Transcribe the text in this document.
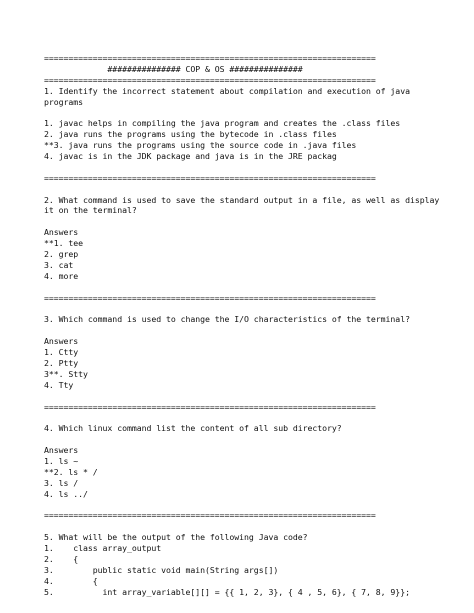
====================================================================
############### COP & OS ###############
====================================================================
1. Identify the incorrect statement about compilation and execution of java
programs

1. javac helps in compiling the java program and creates the .class files
2. java runs the programs using the bytecode in .class files
**3. java runs the programs using the source code in .java files
4. javac is in the JDK package and java is in the JRE packag

====================================================================

2. What command is used to save the standard output in a file, as well as display
it on the terminal?

Answers
**1. tee
2. grep
3. cat
4. more

====================================================================

3. Which command is used to change the I/O characteristics of the terminal?

Answers
1. Ctty
2. Ptty
3**. Stty
4. Tty

====================================================================

4. Which linux command list the content of all sub directory?

Answers
1. ls ~
**2. ls * /
3. ls /
4. ls ../

====================================================================

5. What will be the output of the following Java code?
1.    class array_output
2.    {
3.        public static void main(String args[])
4.        {
5.          int array_variable[][] = {{ 1, 2, 3}, { 4 , 5, 6}, { 7, 8, 9}};
